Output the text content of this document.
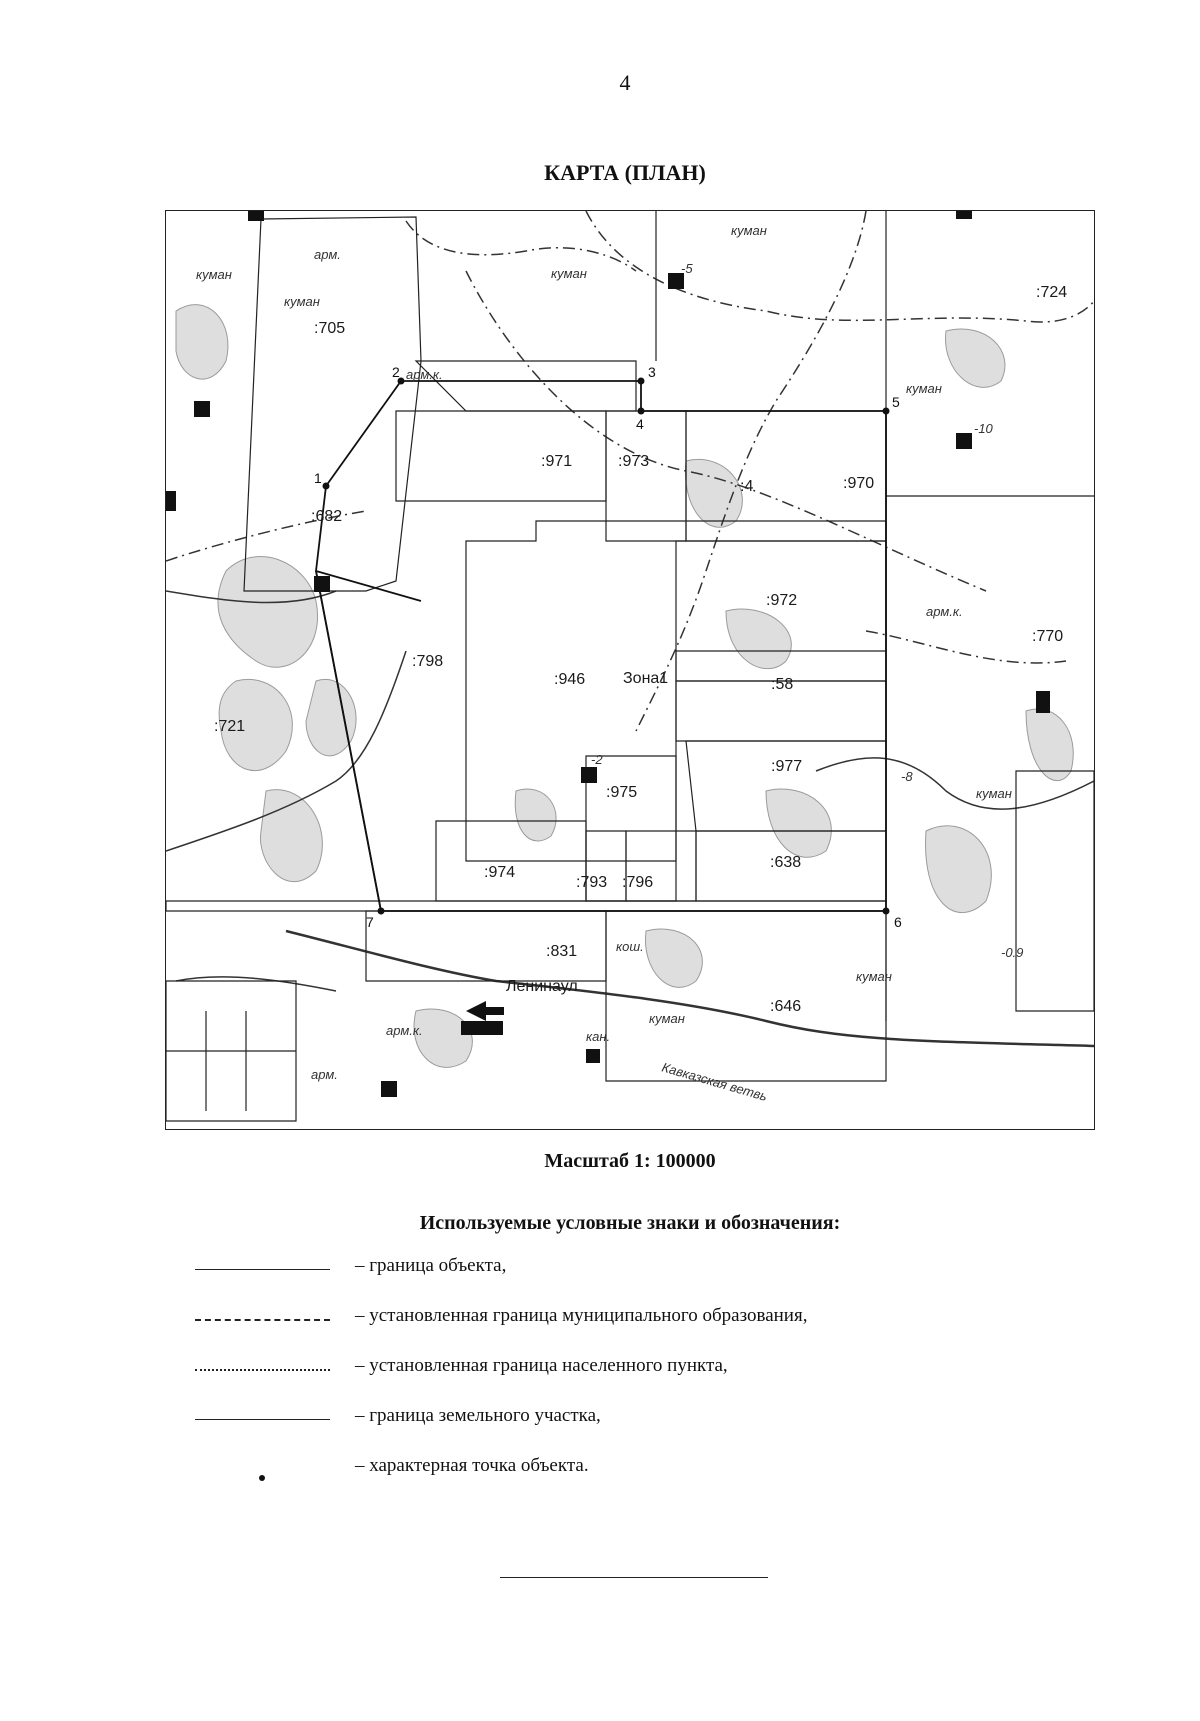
4
КАРТА (ПЛАН)
1
2	3
4
5
6
7
:705
:682
:971	:973
:970
:972
:798
:946	:58
:721
:977
:975
:974
:793 :796
:638
:831
:646
:770
:724
:4
Зона1
Ленинаул
куман
куман
куман
куман
куман
куман
куман
куман
арм.к.
арм.к.
арм.к.
арм.
арм.
кан.
кош.
Кавказская ветвь
-5
-10
-2
-0.9
-8
Масштаб 1: 100000
Используемые условные знаки и обозначения:
– граница объекта,
– установленная граница муниципального образования,
– установленная граница населенного пункта,
– граница земельного участка,
– характерная точка объекта.
